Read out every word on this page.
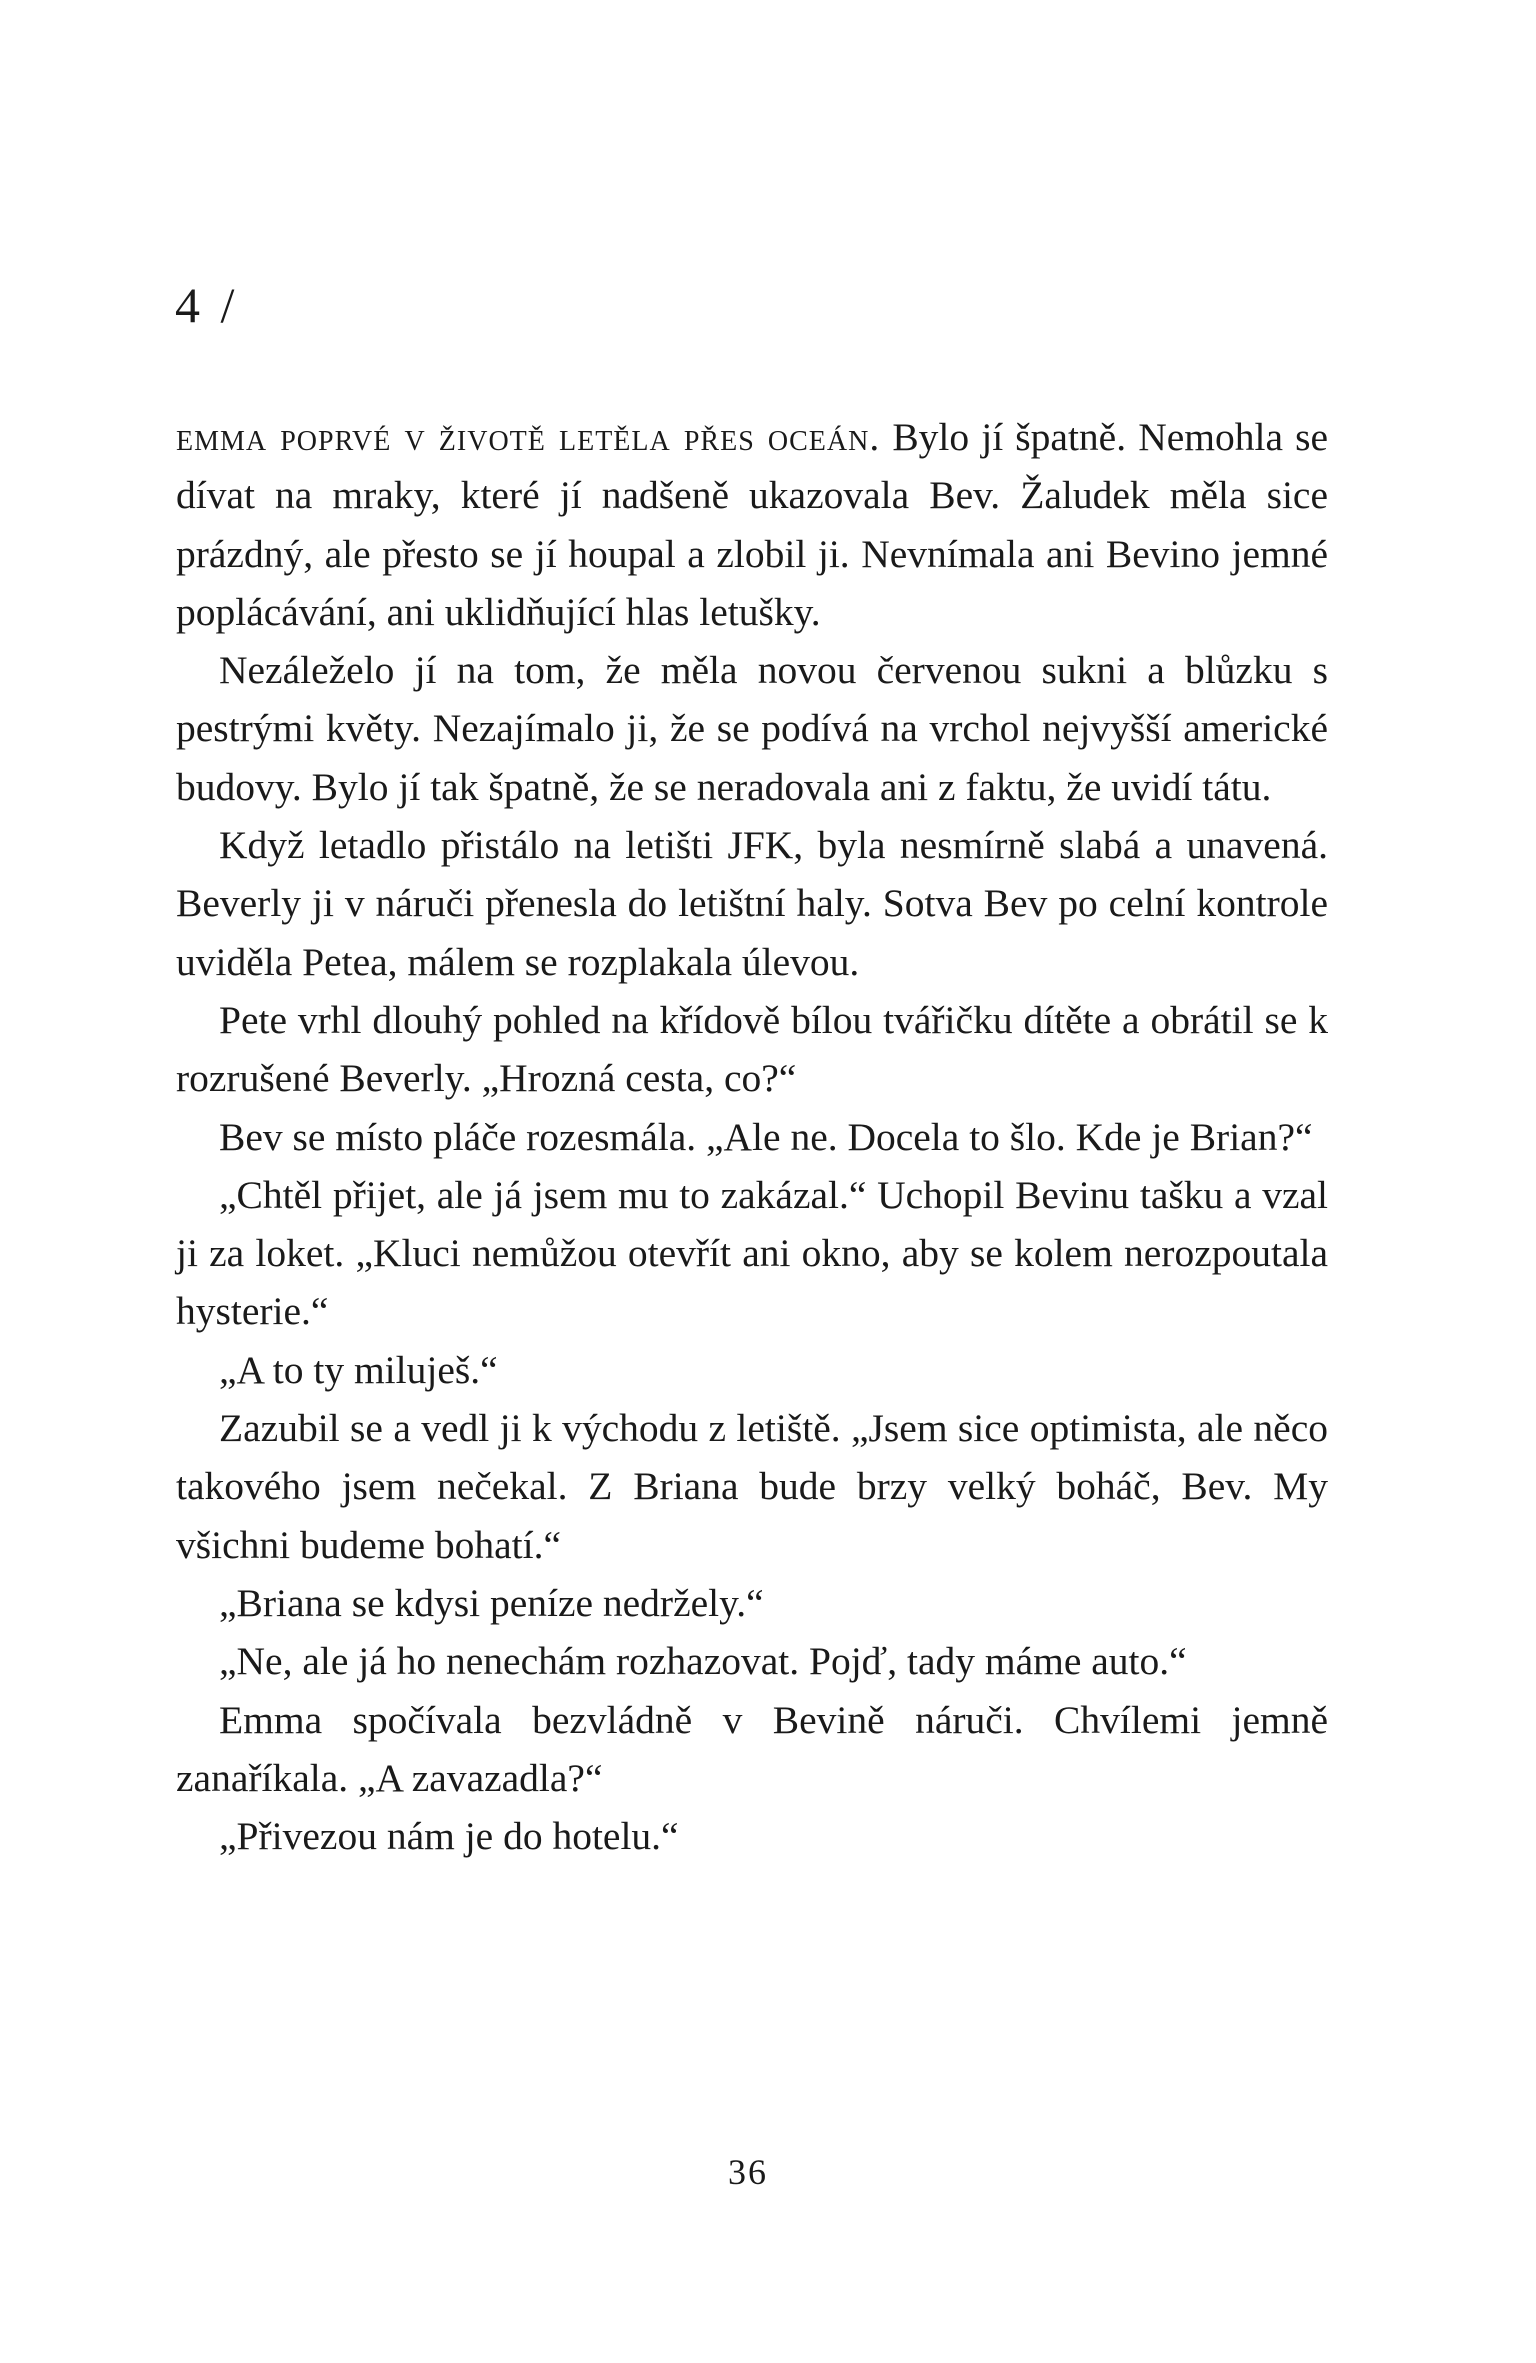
4 /

emma poprvé v životě letěla přes oceán. Bylo jí špatně. Nemohla se dívat na mraky, které jí nadšeně ukazovala Bev. Žaludek měla sice prázdný, ale přesto se jí houpal a zlobil ji. Nevnímala ani Bevino jemné poplácávání, ani uklidňující hlas letušky.

Nezáleželo jí na tom, že měla novou červenou sukni a blůzku s pestrými květy. Nezajímalo ji, že se podívá na vrchol nejvyšší americké budovy. Bylo jí tak špatně, že se neradovala ani z faktu, že uvidí tátu.

Když letadlo přistálo na letišti JFK, byla nesmírně slabá a unavená. Beverly ji v náruči přenesla do letištní haly. Sotva Bev po celní kontrole uviděla Petea, málem se rozplakala úlevou.

Pete vrhl dlouhý pohled na křídově bílou tvářičku dítěte a obrátil se k rozrušené Beverly. „Hrozná cesta, co?“

Bev se místo pláče rozesmála. „Ale ne. Docela to šlo. Kde je Brian?“

„Chtěl přijet, ale já jsem mu to zakázal.“ Uchopil Bevinu tašku a vzal ji za loket. „Kluci nemůžou otevřít ani okno, aby se kolem nerozpoutala hysterie.“

„A to ty miluješ.“

Zazubil se a vedl ji k východu z letiště. „Jsem sice optimista, ale něco takového jsem nečekal. Z Briana bude brzy velký boháč, Bev. My všichni budeme bohatí.“

„Briana se kdysi peníze nedržely.“

„Ne, ale já ho nenechám rozhazovat. Pojď, tady máme auto.“

Emma spočívala bezvládně v Bevině náruči. Chvílemi jemně zanaříkala. „A zavazadla?“

„Přivezou nám je do hotelu.“

36
